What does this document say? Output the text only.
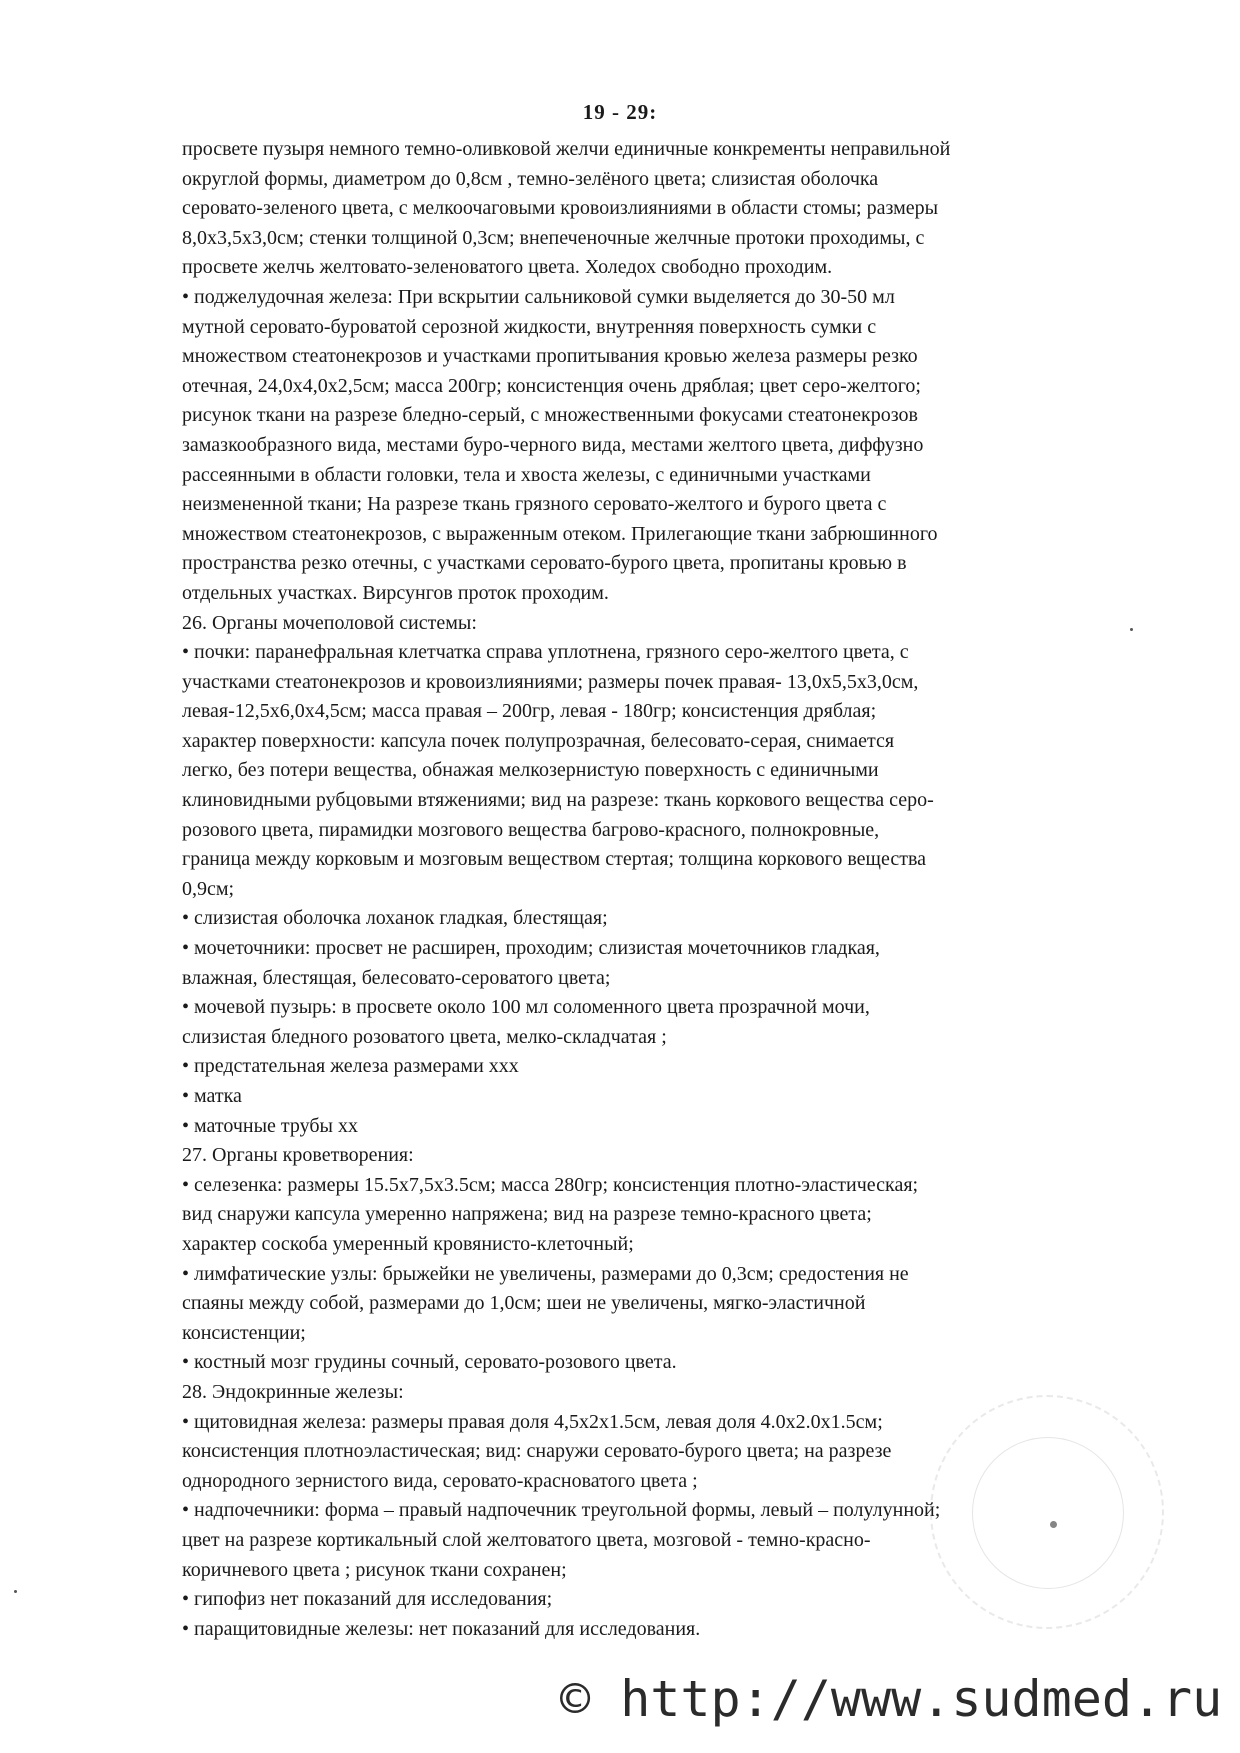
19 - 29:
просвете пузыря немного темно-оливковой желчи единичные конкременты неправильной
округлой формы, диаметром до 0,8см , темно-зелёного цвета; слизистая оболочка
сероватo-зеленого цвета, с мелкоочаговыми кровоизлияниями в области стомы; размеры
8,0х3,5х3,0см; стенки толщиной 0,3см; внепеченочные желчные протоки проходимы, с
просвете желчь желтовато-зеленоватого цвета. Холедох свободно проходим.
• поджелудочная железа: При вскрытии сальниковой сумки выделяется до 30-50 мл
мутной серовато-буроватой серозной жидкости, внутренняя поверхность сумки с
множеством стеатонекрозов и участками пропитывания кровью железа размеры резко
отечная, 24,0х4,0х2,5см; масса 200гр; консистенция очень дряблая; цвет серо-желтого;
рисунок ткани на разрезе бледно-серый, с множественными фокусами стеатонекрозов
замазкообразного вида, местами буро-черного вида, местами желтого цвета, диффузно
рассеянными в области головки, тела и хвоста железы, с единичными участками
неизмененной ткани; На разрезе ткань грязного серовато-желтого и бурого цвета с
множеством стеатонекрозов, с выраженным отеком. Прилегающие ткани забрюшинного
пространства резко отечны, с участками серовато-бурого цвета, пропитаны кровью в
отдельных участках. Вирсунгов проток проходим.
26. Органы мочеполовой системы:
• почки: паранефральная клетчатка справа уплотнена, грязного серо-желтого цвета, с
участками стеатонекрозов и кровоизлияниями; размеры почек правая- 13,0х5,5х3,0см,
левая-12,5х6,0х4,5см; масса правая – 200гр, левая - 180гр; консистенция дряблая;
характер поверхности: капсула почек полупрозрачная, белесовато-серая, снимается
легко, без потери вещества, обнажая мелкозернистую поверхность с единичными
клиновидными рубцовыми втяжениями; вид на разрезе: ткань коркового вещества серо-
розового цвета, пирамидки мозгового вещества багрово-красного, полнокровные,
граница между корковым и мозговым веществом стертая; толщина коркового вещества
0,9см;
• слизистая оболочка лоханок гладкая, блестящая;
• мочеточники: просвет не расширен, проходим; слизистая мочеточников гладкая,
влажная, блестящая, белесовато-сероватого цвета;
• мочевой пузырь: в просвете около 100 мл соломенного цвета прозрачной мочи,
слизистая бледного розоватого цвета, мелко-складчатая ;
• предстательная железа размерами ххх
• матка
• маточные трубы хх
27. Органы кроветворения:
• селезенка: размеры 15.5х7,5х3.5см; масса 280гр; консистенция плотно-эластическая;
вид снаружи капсула умеренно напряжена; вид на разрезе темно-красного цвета;
характер соскоба умеренный кровянисто-клеточный;
• лимфатические узлы: брыжейки не увеличены, размерами до 0,3см; средостения не
спаяны между собой, размерами до 1,0см; шеи не увеличены, мягко-эластичной
консистенции;
• костный мозг грудины сочный, серовато-розового цвета.
28. Эндокринные железы:
• щитовидная железа: размеры правая доля 4,5х2х1.5см, левая доля 4.0х2.0х1.5см;
консистенция плотноэластическая; вид: снаружи серовато-бурого цвета; на разрезе
однородного зернистого вида, серовато-красноватого цвета ;
• надпочечники: форма – правый надпочечник треугольной формы, левый – полулунной;
цвет на разрезе кортикальный слой желтоватого цвета, мозговой - темно-красно-
коричневого цвета ; рисунок ткани сохранен;
• гипофиз нет показаний для исследования;
• паращитовидные железы: нет показаний для исследования.
© http://www.sudmed.ru
